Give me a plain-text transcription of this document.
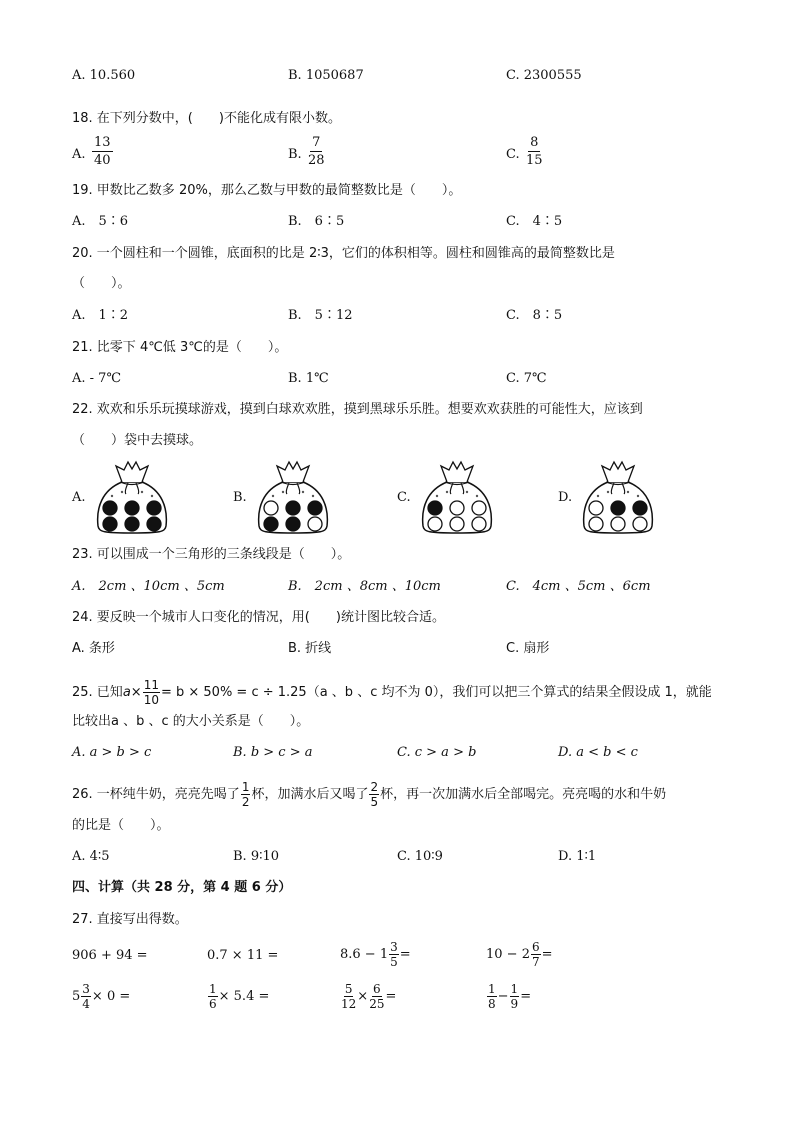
A. 10.560	B. 1050687	C. 2300555
18. 在下列分数中，(　　)不能化成有限小数。
A. $\frac{13}{40}$	B. $\frac{7}{28}$	C. $\frac{8}{15}$
19. 甲数比乙数多 20%，那么乙数与甲数的最简整数比是（　　）。
A.　5∶6	B.　6∶5	C.　4∶5
20. 一个圆柱和一个圆锥，底面积的比是 2∶3，它们的体积相等。圆柱和圆锥高的最简整数比是
（　　）。
A.　1∶2	B.　5∶12	C.　8∶5
21. 比零下 4℃低 3℃的是（　　）。
A. - 7℃	B. 1℃	C. 7℃
22. 欢欢和乐乐玩摸球游戏，摸到白球欢欢胜，摸到黑球乐乐胜。想要欢欢获胜的可能性大，应该到
（　　）袋中去摸球。
A.	B.	C.	D.
23. 可以围成一个三角形的三条线段是（　　）。
A.　2cm 、10cm 、5cm	B.　2cm 、8cm 、10cm	C.　4cm 、5cm 、6cm
24. 要反映一个城市人口变化的情况，用(　　)统计图比较合适。
A. 条形	B. 折线	C. 扇形
25. 已知$a\times \frac{11}{10} = b \times 50\% = c \div 1.25(a$ 、b 、c 均不为 0），我们可以把三个算式的结果全假设成 1，就能
比较出a 、b 、c 的大小关系是（　　）。
A. a > b > c	B. b > c > a	C. c > a > b	D. a < b < c
26. 一杯纯牛奶，亮亮先喝了 $\frac{1}{2}$ 杯，加满水后又喝了 $\frac{2}{5}$ 杯，再一次加满水后全部喝完。亮亮喝的水和牛奶
的比是（　　）。
A. 4∶5	B. 9∶10	C. 10∶9	D. 1∶1
四、计算（共 28 分，第 4 题 6 分）
27. 直接写出得数。
906 + 94 =	0.7 × 11 =	$8.6 - 1 \frac{3}{5}$ =	$10 - 2 \frac{6}{7}$ =
$5 \frac{3}{4} \times 0$ =	$\frac{1}{6} \times 5.4$ =	$\frac{5}{12} \times \frac{6}{25}$ =	$\frac{1}{8} - \frac{1}{9}$ =
